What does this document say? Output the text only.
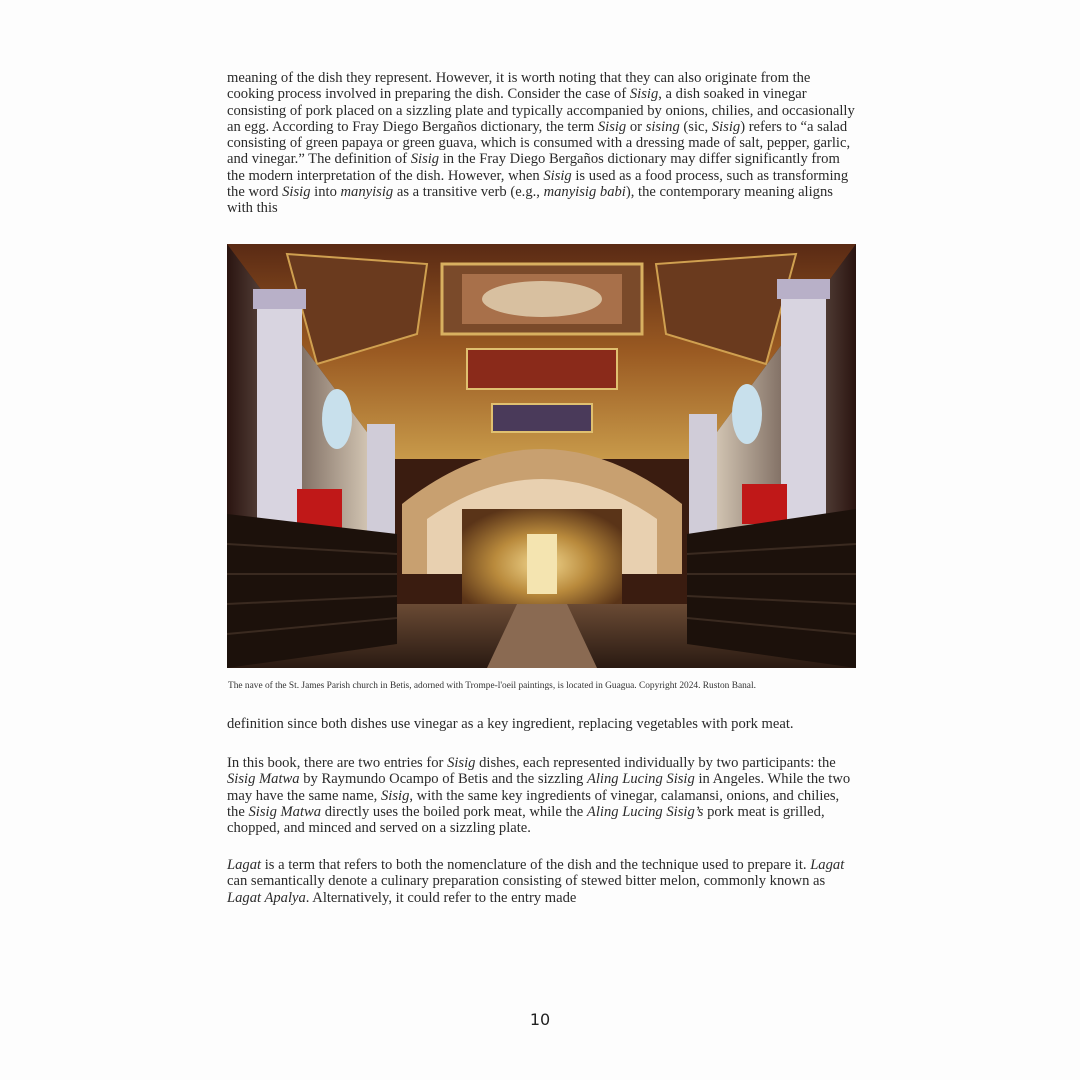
meaning of the dish they represent. However, it is worth noting that they can also originate from the cooking process involved in preparing the dish. Consider the case of Sisig, a dish soaked in vinegar consisting of pork placed on a sizzling plate and typically accompanied by onions, chilies, and occasionally an egg. According to Fray Diego Bergaños dictionary, the term Sisig or sising (sic, Sisig) refers to “a salad consisting of green papaya or green guava, which is consumed with a dressing made of salt, pepper, garlic, and vinegar.” The definition of Sisig in the Fray Diego Bergaños dictionary may differ significantly from the modern interpretation of the dish. However, when Sisig is used as a food process, such as transforming the word Sisig into manyisig as a transitive verb (e.g., manyisig babi), the contemporary meaning aligns with this

The nave of the St. James Parish church in Betis, adorned with Trompe-l'oeil paintings, is located in Guagua. Copyright 2024. Ruston Banal.

definition since both dishes use vinegar as a key ingredient, replacing vegetables with pork meat.

In this book, there are two entries for Sisig dishes, each represented individually by two participants: the Sisig Matwa by Raymundo Ocampo of Betis and the sizzling Aling Lucing Sisig in Angeles. While the two may have the same name, Sisig, with the same key ingredients of vinegar, calamansi, onions, and chilies, the Sisig Matwa directly uses the boiled pork meat, while the Aling Lucing Sisig’s pork meat is grilled, chopped, and minced and served on a sizzling plate.

Lagat is a term that refers to both the nomenclature of the dish and the technique used to prepare it. Lagat can semantically denote a culinary preparation consisting of stewed bitter melon, commonly known as Lagat Apalya. Alternatively, it could refer to the entry made

10
